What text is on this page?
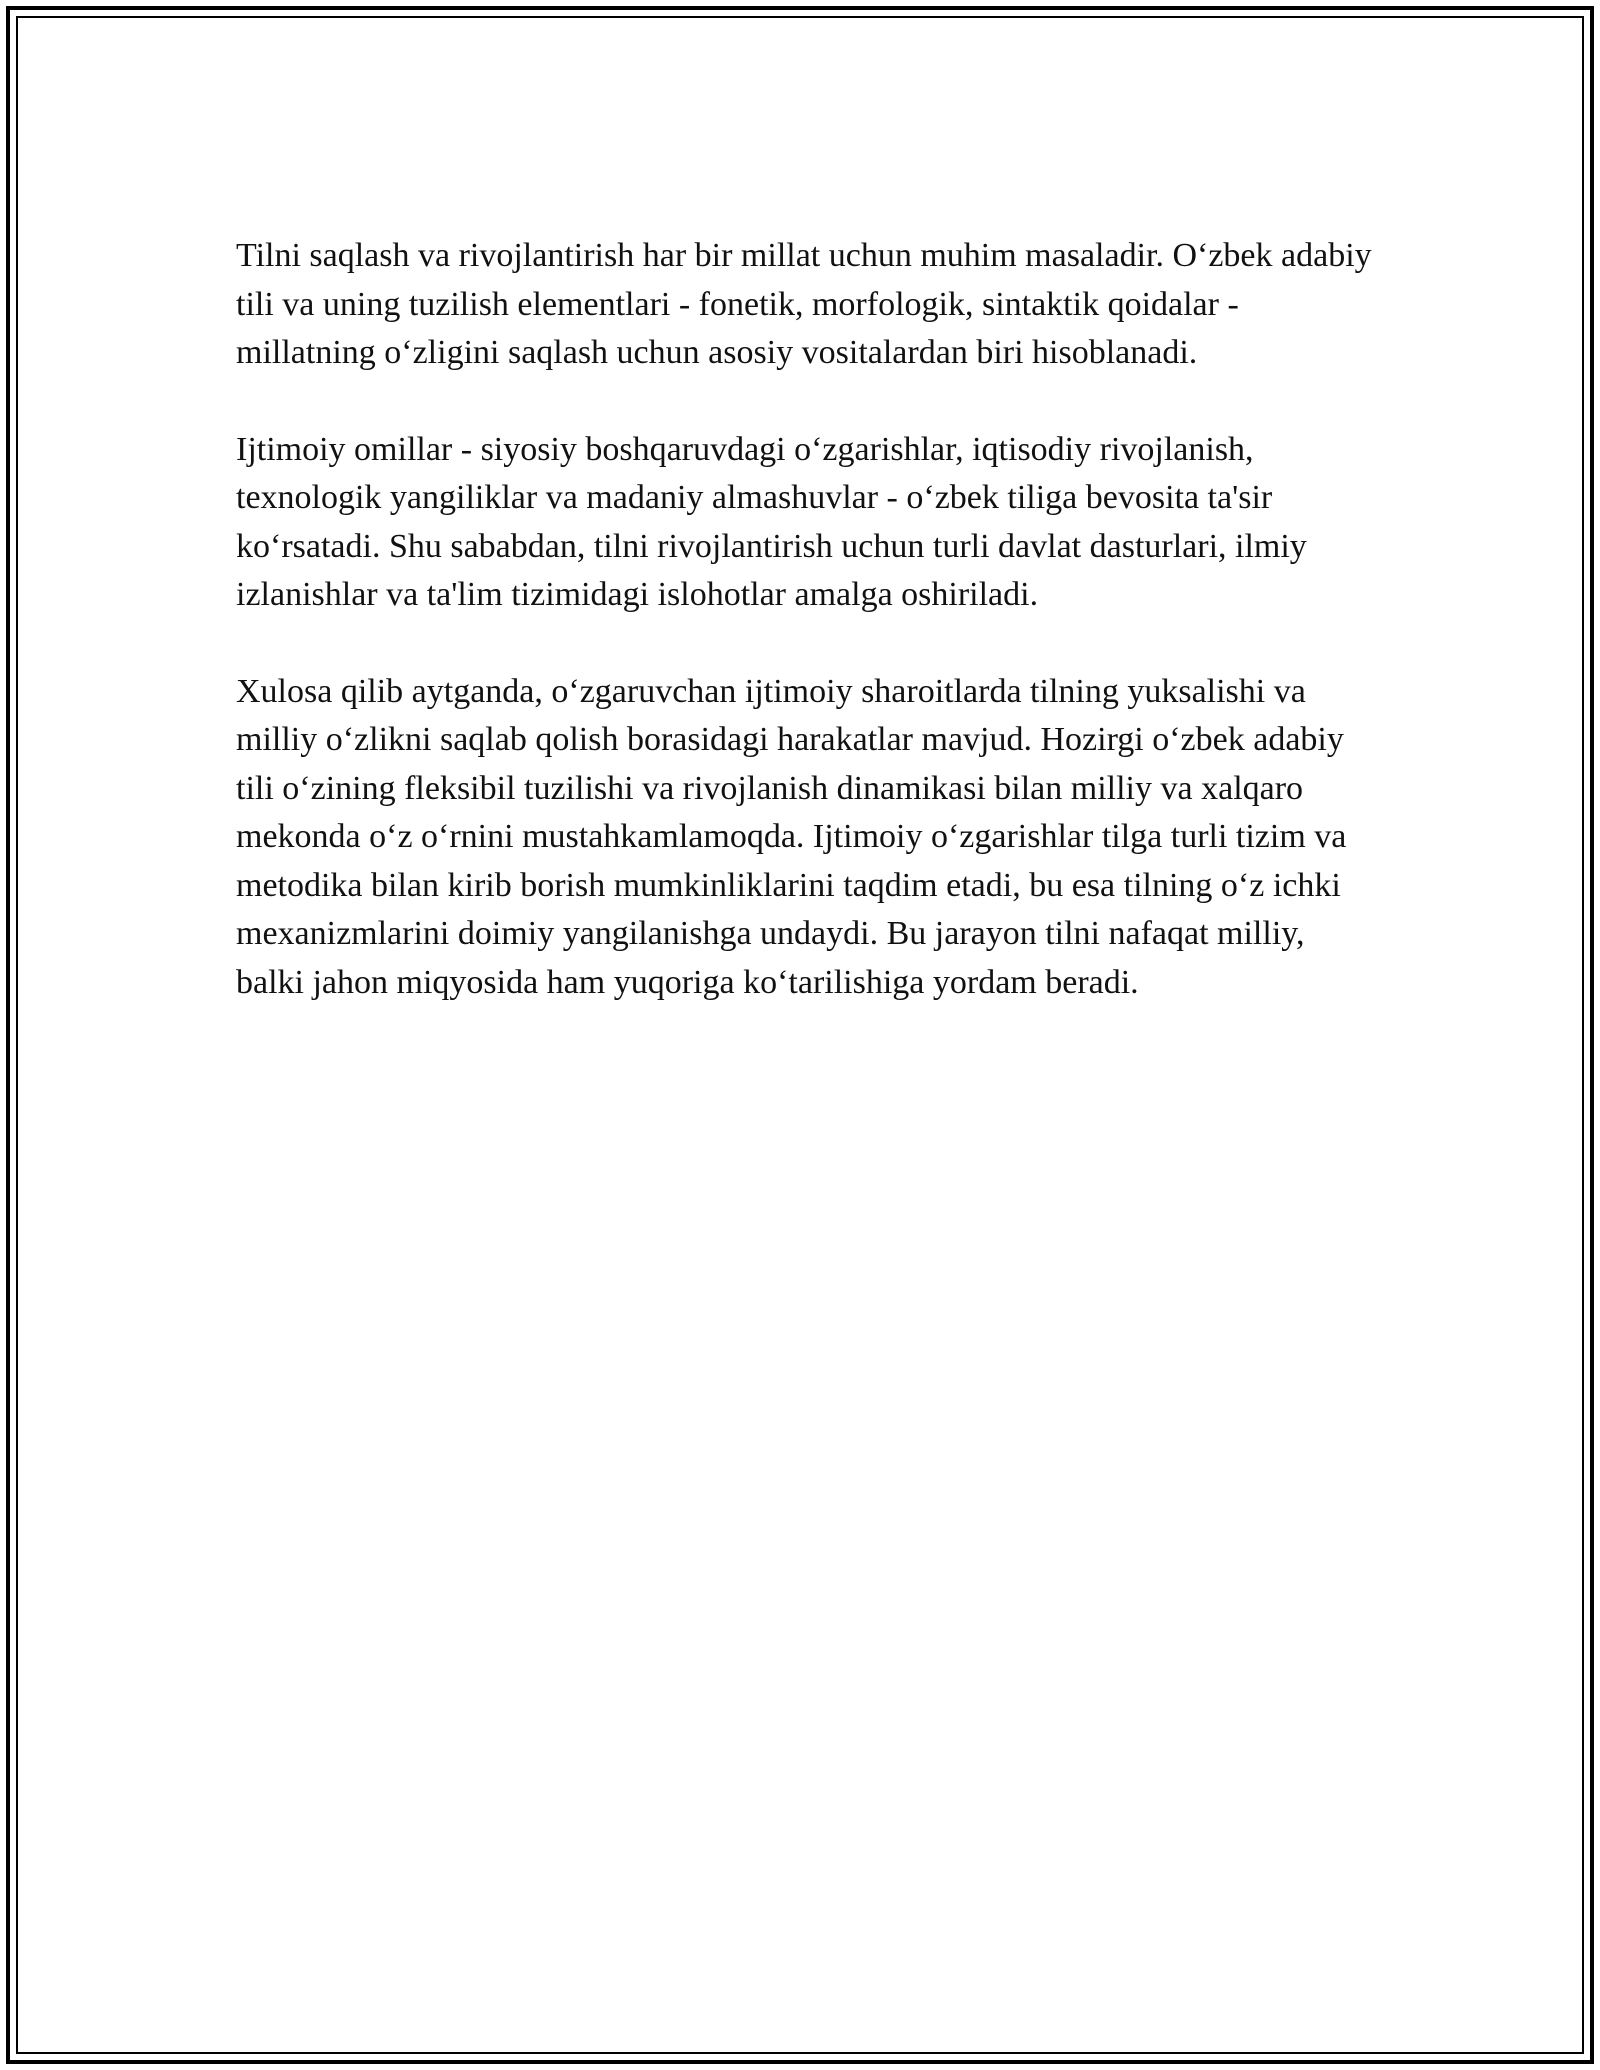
Tilni saqlash va rivojlantirish har bir millat uchun muhim masaladir. O‘zbek adabiy tili va uning tuzilish elementlari - fonetik, morfologik, sintaktik qoidalar - millatning o‘zligini saqlash uchun asosiy vositalardan biri hisoblanadi.

Ijtimoiy omillar - siyosiy boshqaruvdagi o‘zgarishlar, iqtisodiy rivojlanish, texnologik yangiliklar va madaniy almashuvlar - o‘zbek tiliga bevosita ta'sir ko‘rsatadi. Shu sababdan, tilni rivojlantirish uchun turli davlat dasturlari, ilmiy izlanishlar va ta'lim tizimidagi islohotlar amalga oshiriladi.

Xulosa qilib aytganda, o‘zgaruvchan ijtimoiy sharoitlarda tilning yuksalishi va milliy o‘zlikni saqlab qolish borasidagi harakatlar mavjud. Hozirgi o‘zbek adabiy tili o‘zining fleksibil tuzilishi va rivojlanish dinamikasi bilan milliy va xalqaro mekonda o‘z o‘rnini mustahkamlamoqda. Ijtimoiy o‘zgarishlar tilga turli tizim va metodika bilan kirib borish mumkinliklarini taqdim etadi, bu esa tilning o‘z ichki mexanizmlarini doimiy yangilanishga undaydi. Bu jarayon tilni nafaqat milliy, balki jahon miqyosida ham yuqoriga ko‘tarilishiga yordam beradi.
